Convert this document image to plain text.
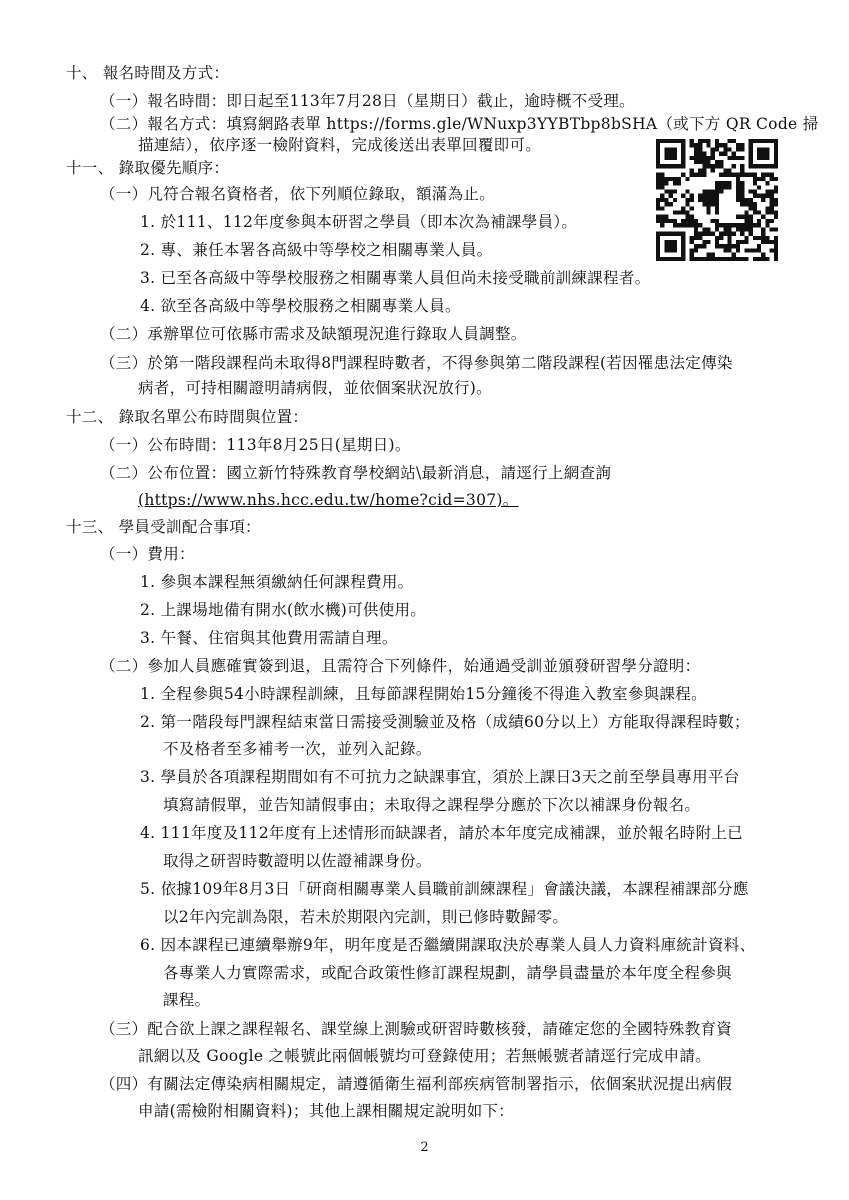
十、 報名時間及方式：
（一）報名時間：即日起至113年7月28日（星期日）截止，逾時概不受理。
（二）報名方式：填寫網路表單 https://forms.gle/WNuxp3YYBTbp8bSHA（或下方 QR Code 掃
描連結），依序逐一檢附資料，完成後送出表單回覆即可。
十一、 錄取優先順序：
（一）凡符合報名資格者，依下列順位錄取，額滿為止。
1. 於111、112年度參與本研習之學員（即本次為補課學員）。
2. 專、兼任本署各高級中等學校之相關專業人員。
3. 已至各高級中等學校服務之相關專業人員但尚未接受職前訓練課程者。
4. 欲至各高級中等學校服務之相關專業人員。
（二）承辦單位可依縣市需求及缺額現況進行錄取人員調整。
（三）於第一階段課程尚未取得8門課程時數者，不得參與第二階段課程(若因罹患法定傳染
病者，可持相關證明請病假，並依個案狀況放行)。
十二、 錄取名單公布時間與位置：
（一）公布時間：113年8月25日(星期日)。
（二）公布位置：國立新竹特殊教育學校網站\最新消息，請逕行上網查詢
(https://www.nhs.hcc.edu.tw/home?cid=307)。
十三、 學員受訓配合事項：
（一）費用：
1. 參與本課程無須繳納任何課程費用。
2. 上課場地備有開水(飲水機)可供使用。
3. 午餐、住宿與其他費用需請自理。
（二）參加人員應確實簽到退，且需符合下列條件，始通過受訓並頒發研習學分證明：
1. 全程參與54小時課程訓練，且每節課程開始15分鐘後不得進入教室參與課程。
2. 第一階段每門課程結束當日需接受測驗並及格（成績60分以上）方能取得課程時數；
不及格者至多補考一次，並列入記錄。
3. 學員於各項課程期間如有不可抗力之缺課事宜，須於上課日3天之前至學員專用平台
填寫請假單，並告知請假事由；未取得之課程學分應於下次以補課身份報名。
4. 111年度及112年度有上述情形而缺課者，請於本年度完成補課，並於報名時附上已
取得之研習時數證明以佐證補課身份。
5. 依據109年8月3日「研商相關專業人員職前訓練課程」會議決議，本課程補課部分應
以2年內完訓為限，若未於期限內完訓，則已修時數歸零。
6. 因本課程已連續舉辦9年，明年度是否繼續開課取決於專業人員人力資料庫統計資料、
各專業人力實際需求，或配合政策性修訂課程規劃，請學員盡量於本年度全程參與
課程。
（三）配合欲上課之課程報名、課堂線上測驗或研習時數核發，請確定您的全國特殊教育資
訊網以及 Google 之帳號此兩個帳號均可登錄使用；若無帳號者請逕行完成申請。
（四）有關法定傳染病相關規定，請遵循衛生福利部疾病管制署指示，依個案狀況提出病假
申請(需檢附相關資料)；其他上課相關規定說明如下：
2
